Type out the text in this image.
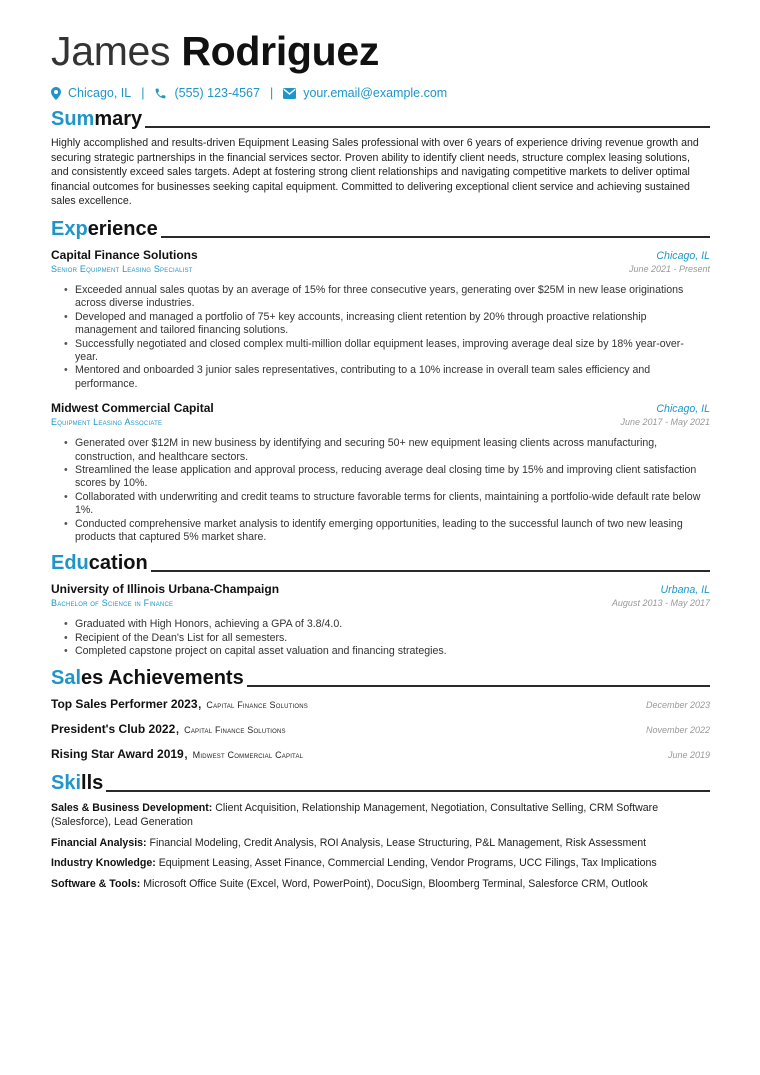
James Rodriguez
Chicago, IL | (555) 123-4567 | your.email@example.com
Summary
Highly accomplished and results-driven Equipment Leasing Sales professional with over 6 years of experience driving revenue growth and securing strategic partnerships in the financial services sector. Proven ability to identify client needs, structure complex leasing solutions, and consistently exceed sales targets. Adept at fostering strong client relationships and navigating competitive markets to deliver optimal financial outcomes for businesses seeking capital equipment. Committed to delivering exceptional client service and achieving sustained sales excellence.
Experience
Capital Finance Solutions	Chicago, IL
Senior Equipment Leasing Specialist	June 2021 - Present
• Exceeded annual sales quotas by an average of 15% for three consecutive years, generating over $25M in new lease originations across diverse industries.
• Developed and managed a portfolio of 75+ key accounts, increasing client retention by 20% through proactive relationship management and tailored financing solutions.
• Successfully negotiated and closed complex multi-million dollar equipment leases, improving average deal size by 18% year-over-year.
• Mentored and onboarded 3 junior sales representatives, contributing to a 10% increase in overall team sales efficiency and performance.
Midwest Commercial Capital	Chicago, IL
Equipment Leasing Associate	June 2017 - May 2021
• Generated over $12M in new business by identifying and securing 50+ new equipment leasing clients across manufacturing, construction, and healthcare sectors.
• Streamlined the lease application and approval process, reducing average deal closing time by 15% and improving client satisfaction scores by 10%.
• Collaborated with underwriting and credit teams to structure favorable terms for clients, maintaining a portfolio-wide default rate below 1%.
• Conducted comprehensive market analysis to identify emerging opportunities, leading to the successful launch of two new leasing products that captured 5% market share.
Education
University of Illinois Urbana-Champaign	Urbana, IL
Bachelor of Science in Finance	August 2013 - May 2017
• Graduated with High Honors, achieving a GPA of 3.8/4.0.
• Recipient of the Dean's List for all semesters.
• Completed capstone project on capital asset valuation and financing strategies.
Sales Achievements
Top Sales Performer 2023, Capital Finance Solutions	December 2023
President's Club 2022, Capital Finance Solutions	November 2022
Rising Star Award 2019, Midwest Commercial Capital	June 2019
Skills
Sales & Business Development: Client Acquisition, Relationship Management, Negotiation, Consultative Selling, CRM Software (Salesforce), Lead Generation
Financial Analysis: Financial Modeling, Credit Analysis, ROI Analysis, Lease Structuring, P&L Management, Risk Assessment
Industry Knowledge: Equipment Leasing, Asset Finance, Commercial Lending, Vendor Programs, UCC Filings, Tax Implications
Software & Tools: Microsoft Office Suite (Excel, Word, PowerPoint), DocuSign, Bloomberg Terminal, Salesforce CRM, Outlook
